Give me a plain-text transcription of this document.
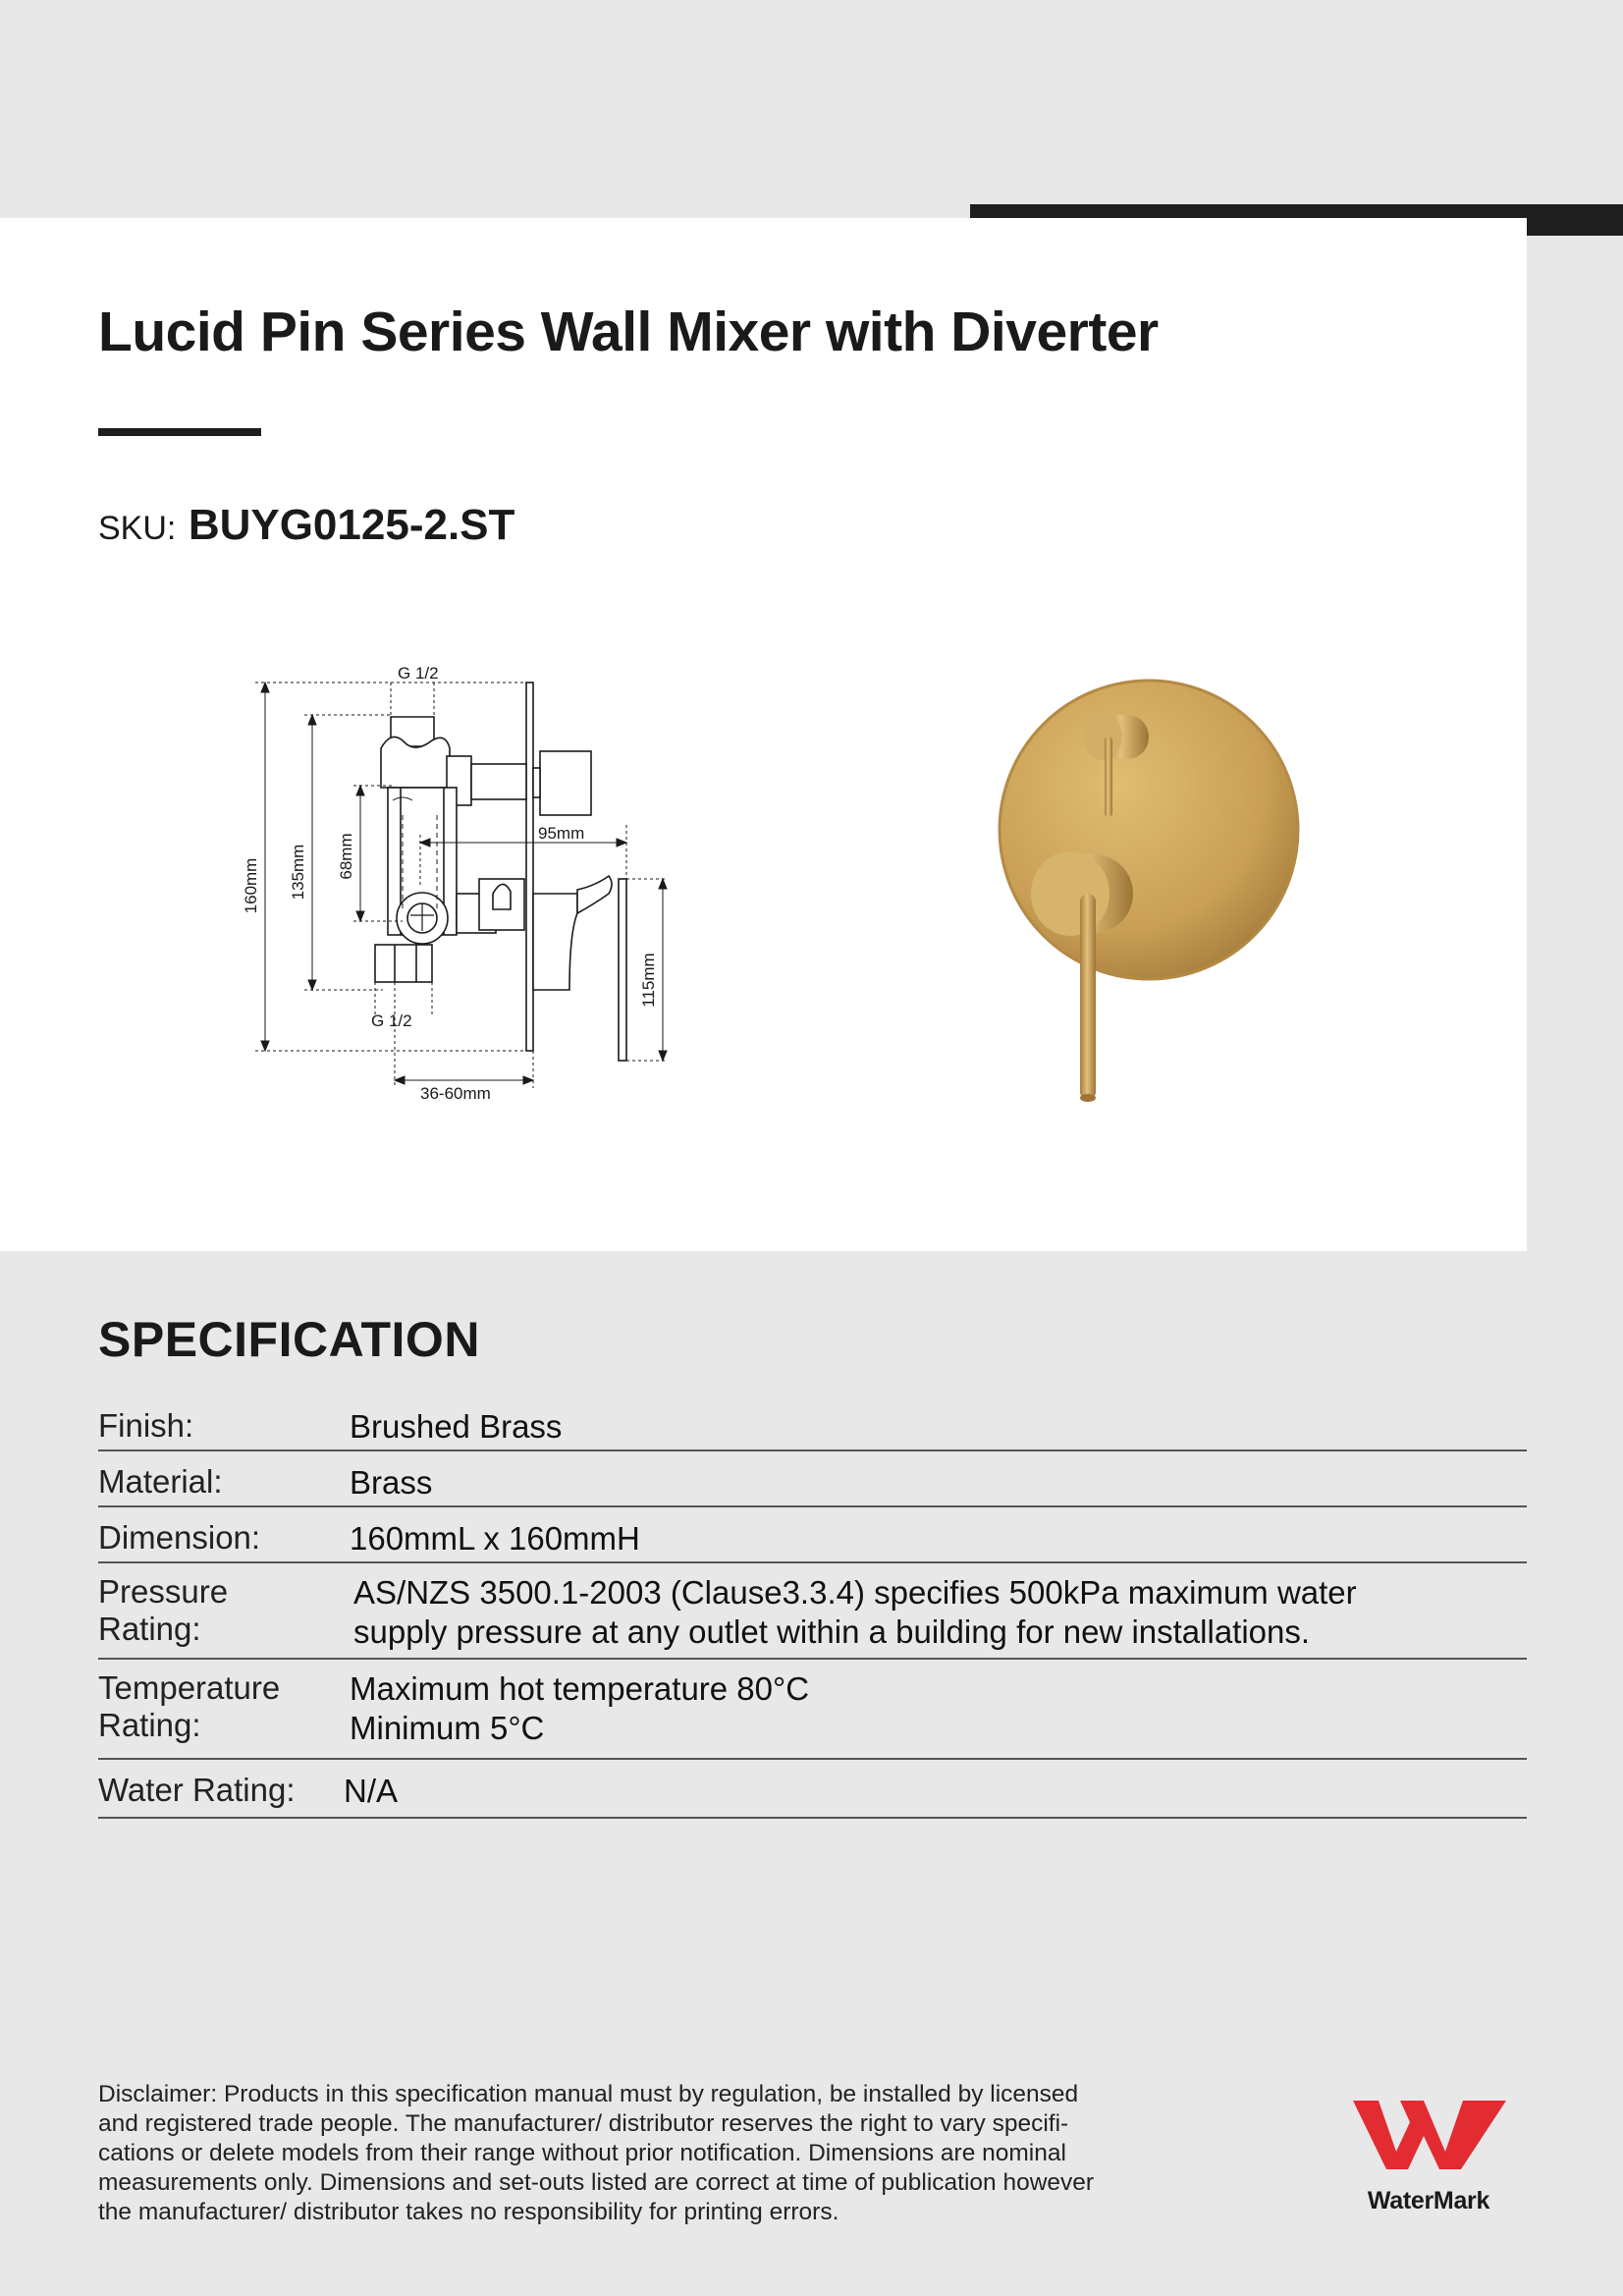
Lucid Pin Series Wall Mixer with Diverter
SKU: BUYG0125-2.ST
G 1/2
G 1/2
95mm
36-60mm
160mm 135mm 68mm
115mm
SPECIFICATION
Finish:	Brushed Brass
Material:	Brass
Dimension:	160mmL x 160mmH
Pressure
Rating:
AS/NZS 3500.1-2003 (Clause3.3.4) specifies 500kPa maximum water
supply pressure at any outlet within a building for new installations.
Temperature
Rating:
Maximum hot temperature 80°C
Minimum 5°C
Water Rating:	N/A

Disclaimer: Products in this specification manual must by regulation, be installed by licensed
and registered trade people. The manufacturer/ distributor reserves the right to vary specifi-
cations or delete models from their range without prior notification. Dimensions are nominal
measurements only. Dimensions and set-outs listed are correct at time of publication however
the manufacturer/ distributor takes no responsibility for printing errors.	WaterMark
